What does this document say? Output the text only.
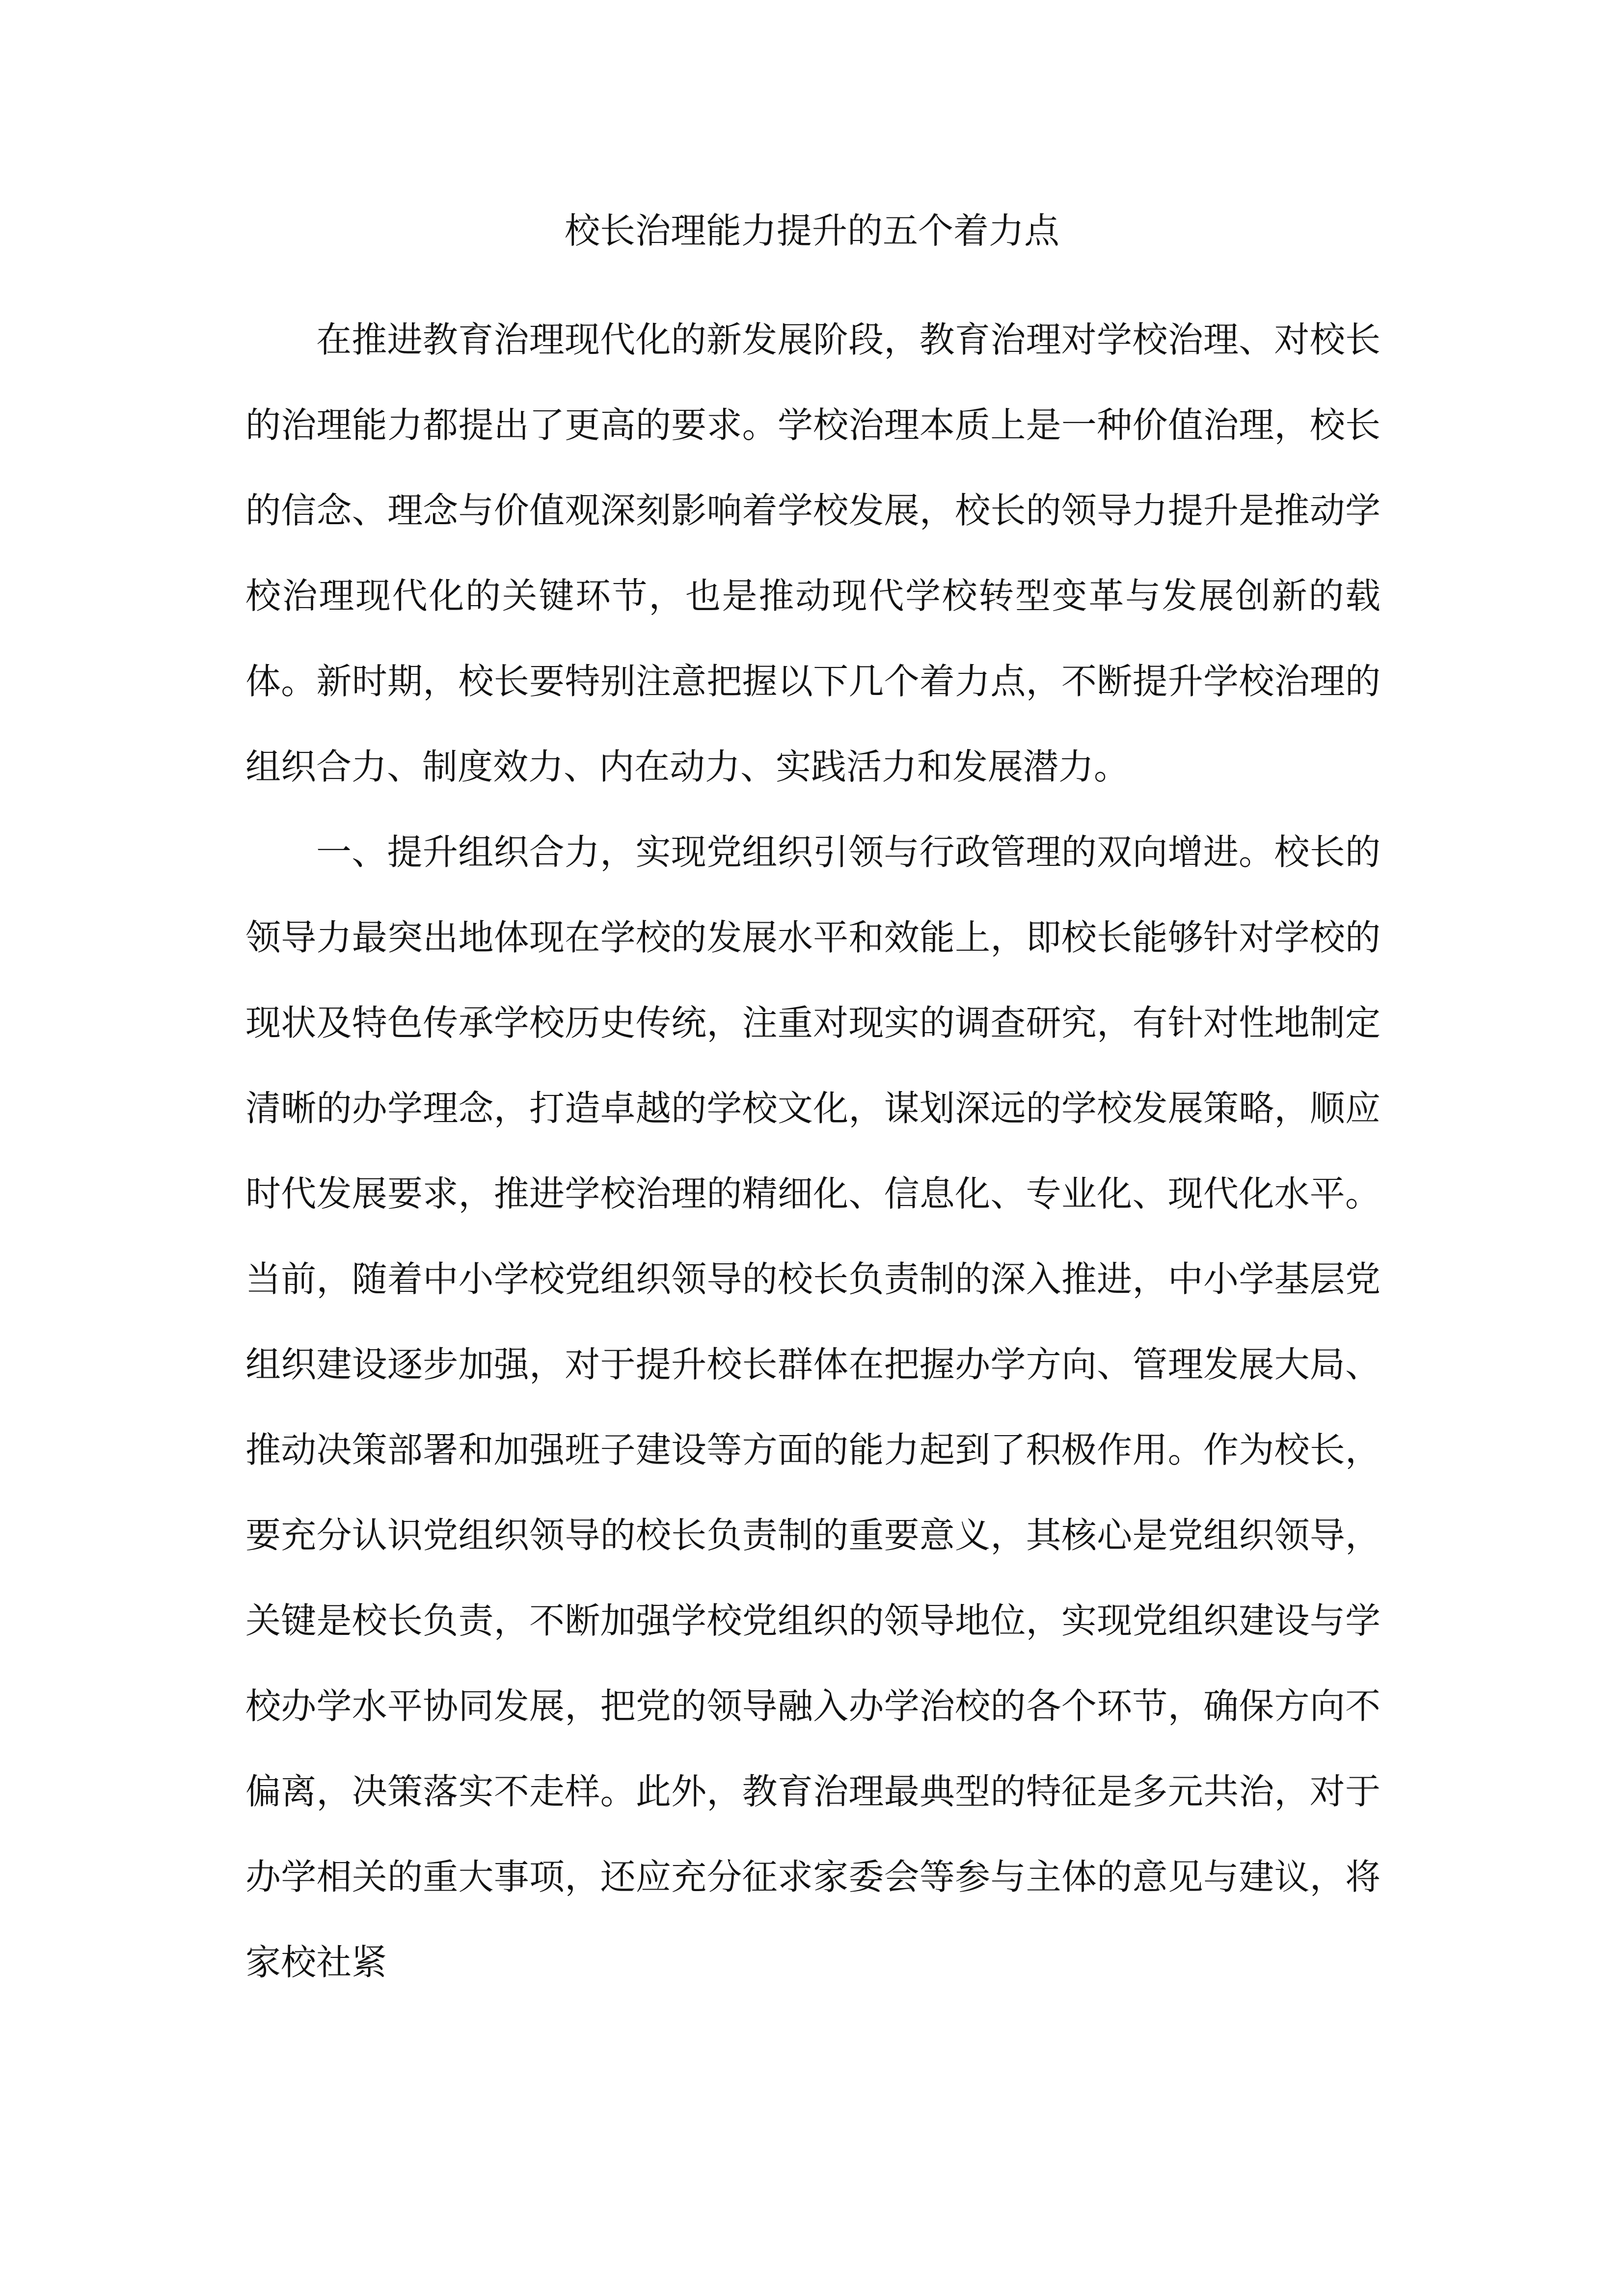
校长治理能力提升的五个着力点

在推进教育治理现代化的新发展阶段，教育治理对学校治理、对校长的治理能力都提出了更高的要求。学校治理本质上是一种价值治理，校长的信念、理念与价值观深刻影响着学校发展，校长的领导力提升是推动学校治理现代化的关键环节，也是推动现代学校转型变革与发展创新的载体。新时期，校长要特别注意把握以下几个着力点，不断提升学校治理的组织合力、制度效力、内在动力、实践活力和发展潜力。

一、提升组织合力，实现党组织引领与行政管理的双向增进。校长的领导力最突出地体现在学校的发展水平和效能上，即校长能够针对学校的现状及特色传承学校历史传统，注重对现实的调查研究，有针对性地制定清晰的办学理念，打造卓越的学校文化，谋划深远的学校发展策略，顺应时代发展要求，推进学校治理的精细化、信息化、专业化、现代化水平。当前，随着中小学校党组织领导的校长负责制的深入推进，中小学基层党组织建设逐步加强，对于提升校长群体在把握办学方向、管理发展大局、推动决策部署和加强班子建设等方面的能力起到了积极作用。作为校长，要充分认识党组织领导的校长负责制的重要意义，其核心是党组织领导，关键是校长负责，不断加强学校党组织的领导地位，实现党组织建设与学校办学水平协同发展，把党的领导融入办学治校的各个环节，确保方向不偏离，决策落实不走样。此外，教育治理最典型的特征是多元共治，对于办学相关的重大事项，还应充分征求家委会等参与主体的意见与建议，将家校社紧
